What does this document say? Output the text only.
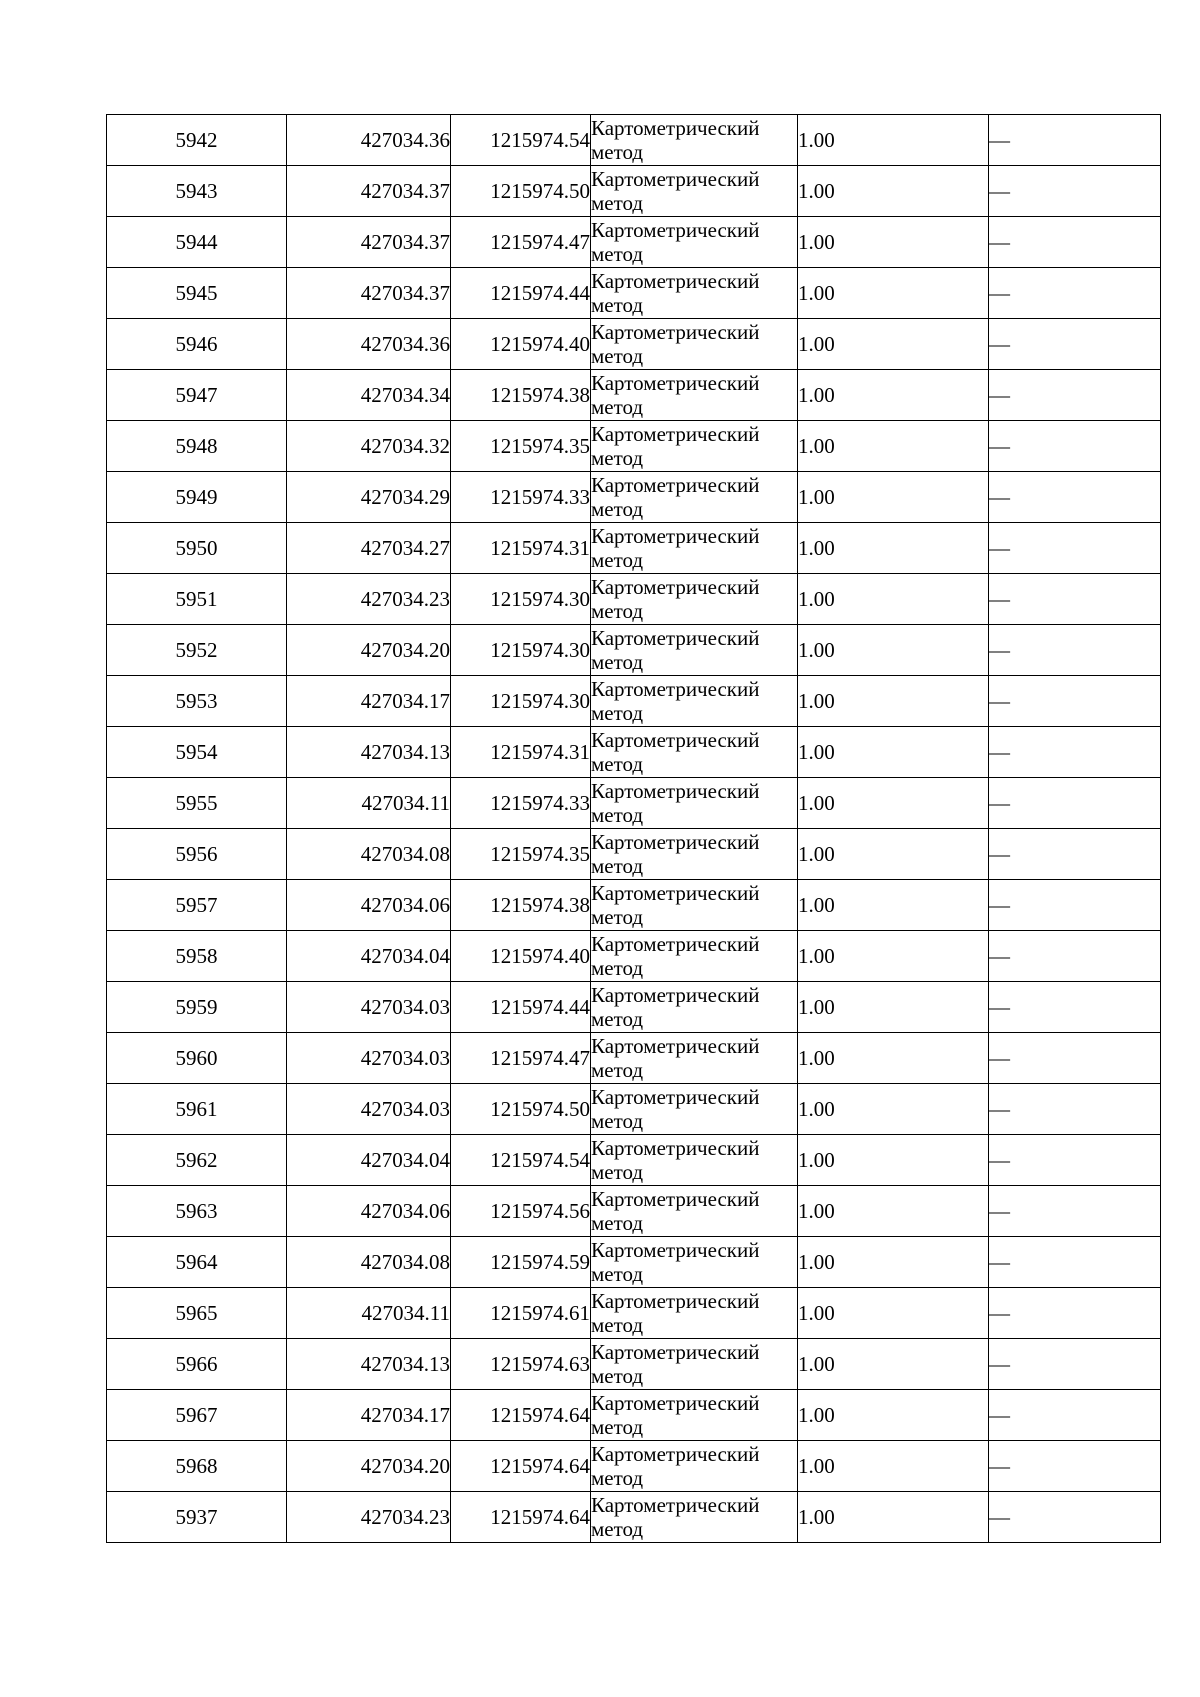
5942	427034.36	1215974.54	Картометрический метод	1.00	—
5943	427034.37	1215974.50	Картометрический метод	1.00	—
5944	427034.37	1215974.47	Картометрический метод	1.00	—
5945	427034.37	1215974.44	Картометрический метод	1.00	—
5946	427034.36	1215974.40	Картометрический метод	1.00	—
5947	427034.34	1215974.38	Картометрический метод	1.00	—
5948	427034.32	1215974.35	Картометрический метод	1.00	—
5949	427034.29	1215974.33	Картометрический метод	1.00	—
5950	427034.27	1215974.31	Картометрический метод	1.00	—
5951	427034.23	1215974.30	Картометрический метод	1.00	—
5952	427034.20	1215974.30	Картометрический метод	1.00	—
5953	427034.17	1215974.30	Картометрический метод	1.00	—
5954	427034.13	1215974.31	Картометрический метод	1.00	—
5955	427034.11	1215974.33	Картометрический метод	1.00	—
5956	427034.08	1215974.35	Картометрический метод	1.00	—
5957	427034.06	1215974.38	Картометрический метод	1.00	—
5958	427034.04	1215974.40	Картометрический метод	1.00	—
5959	427034.03	1215974.44	Картометрический метод	1.00	—
5960	427034.03	1215974.47	Картометрический метод	1.00	—
5961	427034.03	1215974.50	Картометрический метод	1.00	—
5962	427034.04	1215974.54	Картометрический метод	1.00	—
5963	427034.06	1215974.56	Картометрический метод	1.00	—
5964	427034.08	1215974.59	Картометрический метод	1.00	—
5965	427034.11	1215974.61	Картометрический метод	1.00	—
5966	427034.13	1215974.63	Картометрический метод	1.00	—
5967	427034.17	1215974.64	Картометрический метод	1.00	—
5968	427034.20	1215974.64	Картометрический метод	1.00	—
5937	427034.23	1215974.64	Картометрический метод	1.00	—
